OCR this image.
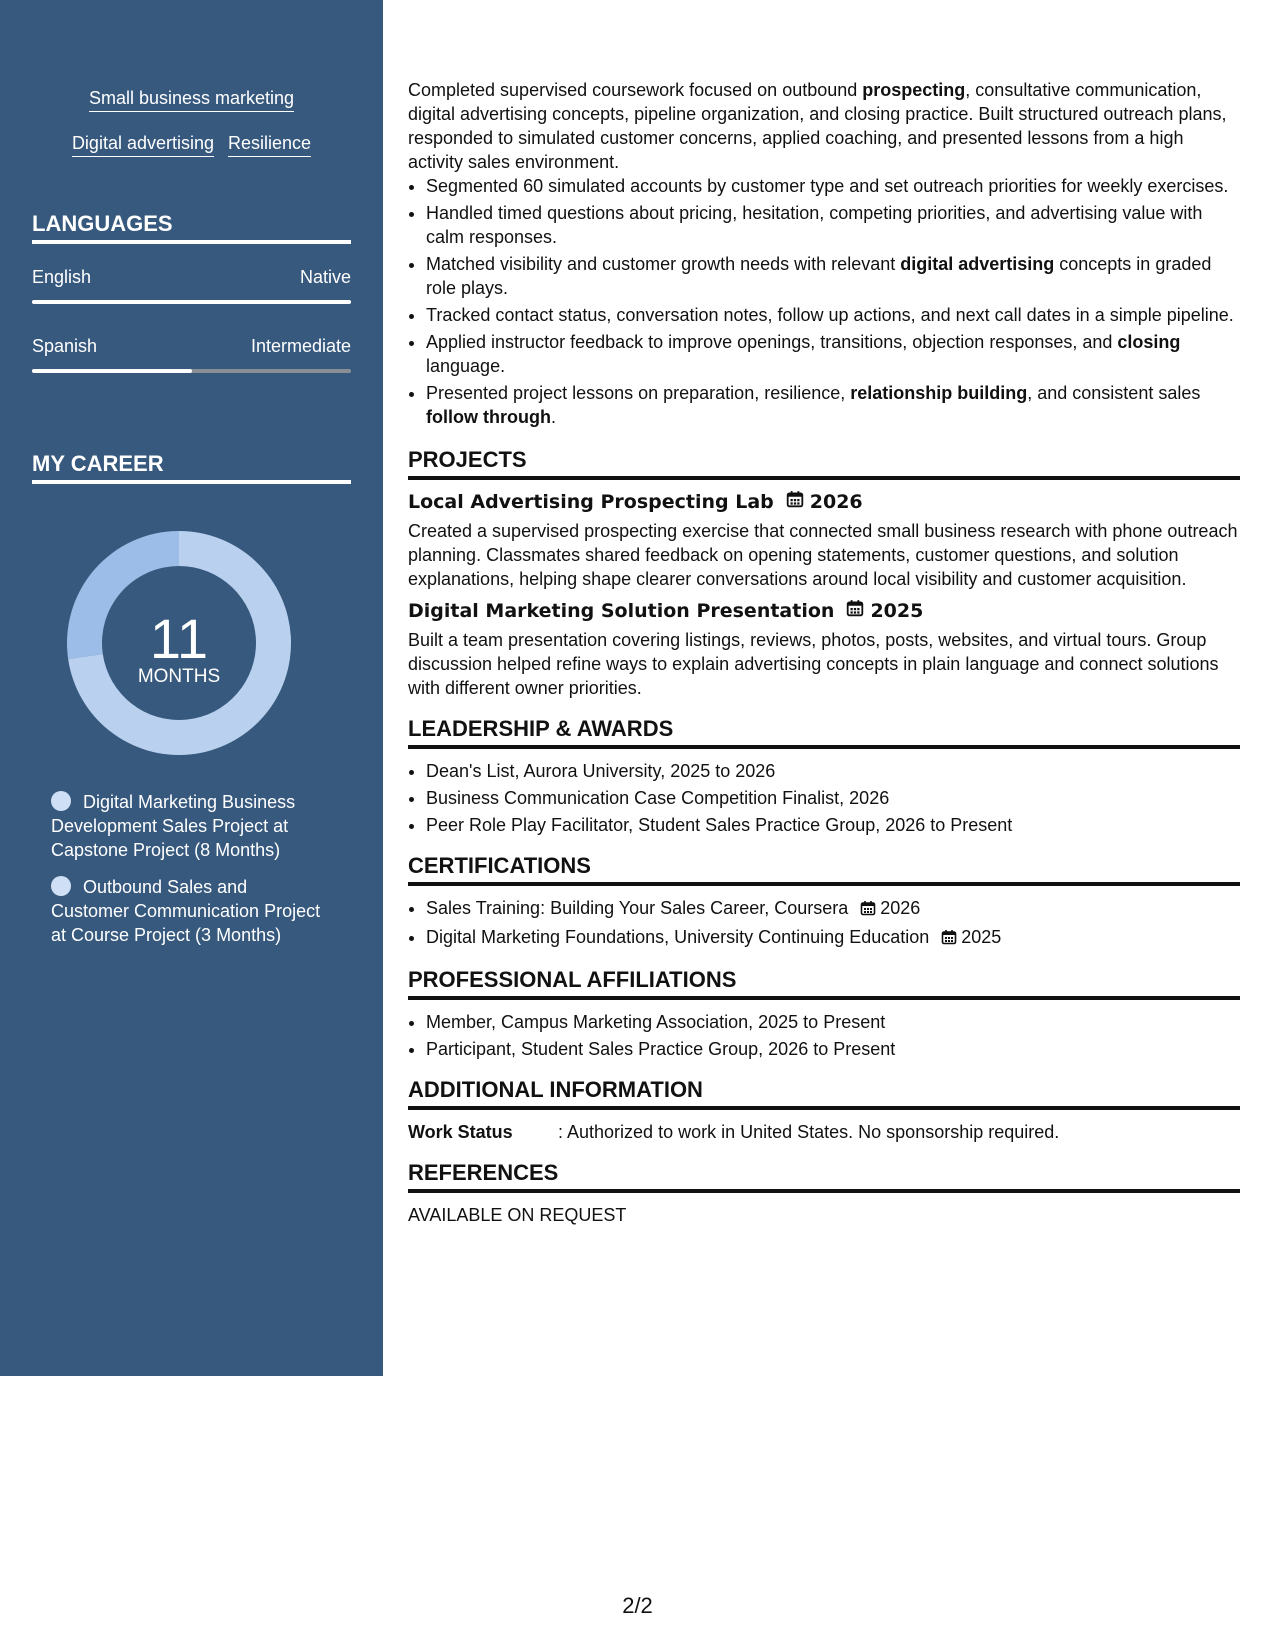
Small business marketing
Digital advertising Resilience
LANGUAGES
English	Native
Spanish	Intermediate
MY CAREER
11
MONTHS
Digital Marketing Business Development Sales Project at Capstone Project (8 Months)
Outbound Sales and Customer Communication Project at Course Project (3 Months)

Completed supervised coursework focused on outbound prospecting, consultative communication, digital advertising concepts, pipeline organization, and closing practice. Built structured outreach plans, responded to simulated customer concerns, applied coaching, and presented lessons from a high activity sales environment.

• Segmented 60 simulated accounts by customer type and set outreach priorities for weekly exercises.
• Handled timed questions about pricing, hesitation, competing priorities, and advertising value with calm responses.
• Matched visibility and customer growth needs with relevant digital advertising concepts in graded role plays.
• Tracked contact status, conversation notes, follow up actions, and next call dates in a simple pipeline.
• Applied instructor feedback to improve openings, transitions, objection responses, and closing language.
• Presented project lessons on preparation, resilience, relationship building, and consistent sales follow through.
PROJECTS
Local Advertising Prospecting Lab 2026

Created a supervised prospecting exercise that connected small business research with phone outreach planning. Classmates shared feedback on opening statements, customer questions, and solution explanations, helping shape clearer conversations around local visibility and customer acquisition.

Digital Marketing Solution Presentation 2025

Built a team presentation covering listings, reviews, photos, posts, websites, and virtual tours. Group discussion helped refine ways to explain advertising concepts in plain language and connect solutions with different owner priorities.

LEADERSHIP & AWARDS
• Dean's List, Aurora University, 2025 to 2026
• Business Communication Case Competition Finalist, 2026
• Peer Role Play Facilitator, Student Sales Practice Group, 2026 to Present
CERTIFICATIONS
• Sales Training: Building Your Sales Career, Coursera 2026
• Digital Marketing Foundations, University Continuing Education 2025
PROFESSIONAL AFFILIATIONS
• Member, Campus Marketing Association, 2025 to Present
• Participant, Student Sales Practice Group, 2026 to Present
ADDITIONAL INFORMATION
Work Status	: Authorized to work in United States. No sponsorship required.
REFERENCES

AVAILABLE ON REQUEST

2/2
